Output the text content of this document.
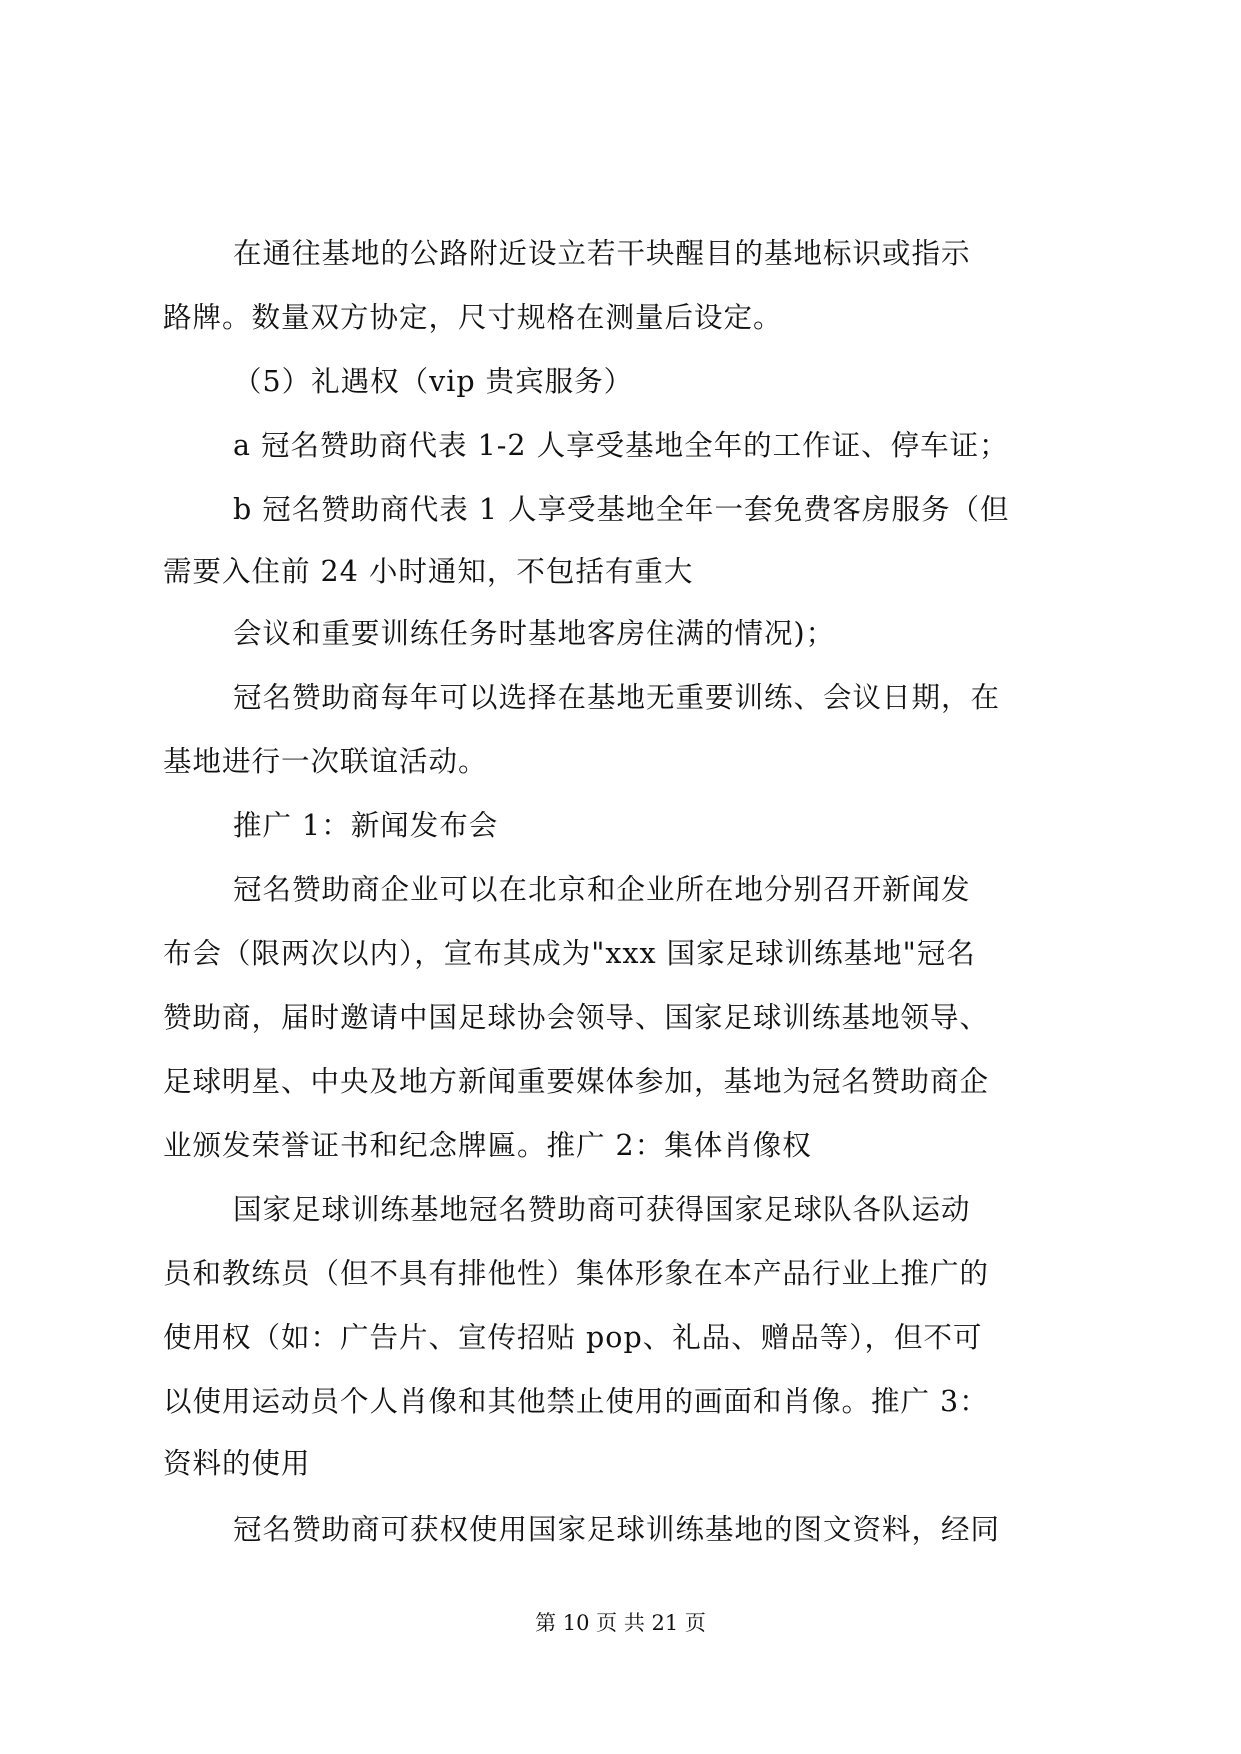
在通往基地的公路附近设立若干块醒目的基地标识或指示
路牌。数量双方协定，尺寸规格在测量后设定。
（5）礼遇权（vip 贵宾服务）
a 冠名赞助商代表 1-2 人享受基地全年的工作证、停车证；
b 冠名赞助商代表 1 人享受基地全年一套免费客房服务（但
需要入住前 24 小时通知，不包括有重大
会议和重要训练任务时基地客房住满的情况)；
冠名赞助商每年可以选择在基地无重要训练、会议日期，在
基地进行一次联谊活动。
推广 1：新闻发布会
冠名赞助商企业可以在北京和企业所在地分别召开新闻发
布会（限两次以内），宣布其成为"xxx 国家足球训练基地"冠名
赞助商，届时邀请中国足球协会领导、国家足球训练基地领导、
足球明星、中央及地方新闻重要媒体参加，基地为冠名赞助商企
业颁发荣誉证书和纪念牌匾。推广 2：集体肖像权
国家足球训练基地冠名赞助商可获得国家足球队各队运动
员和教练员（但不具有排他性）集体形象在本产品行业上推广的
使用权（如：广告片、宣传招贴 pop、礼品、赠品等），但不可
以使用运动员个人肖像和其他禁止使用的画面和肖像。推广 3：
资料的使用
冠名赞助商可获权使用国家足球训练基地的图文资料，经同
第 10 页 共 21 页
